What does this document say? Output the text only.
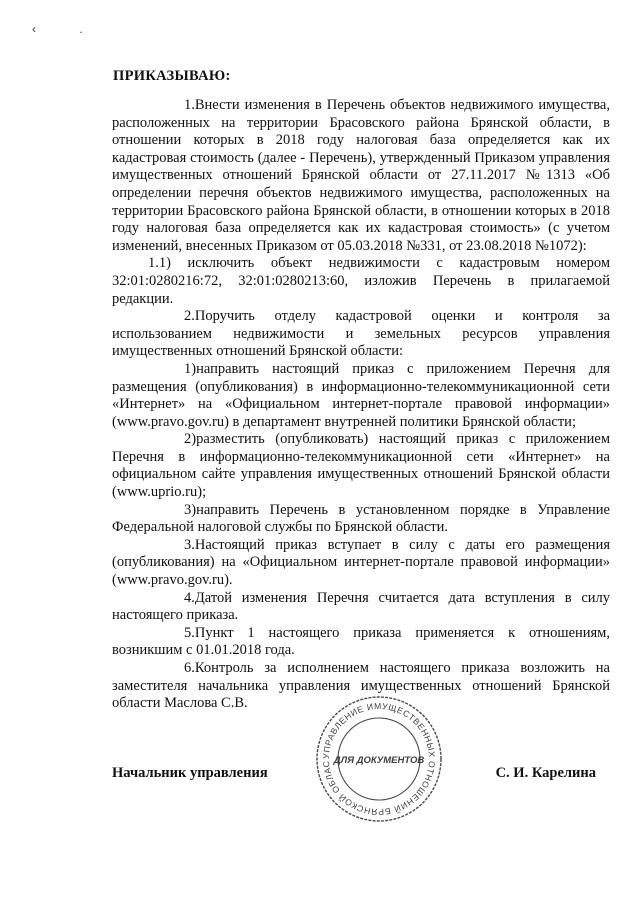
‹ .
ПРИКАЗЫВАЮ:

1.Внести изменения в Перечень объектов недвижимого имущества, расположенных на территории Брасовского района Брянской области, в отношении которых в 2018 году налоговая база определяется как их кадастровая стоимость (далее - Перечень), утвержденный Приказом управления имущественных отношений Брянской области от 27.11.2017 №1313 «Об определении перечня объектов недвижимого имущества, расположенных на территории Брасовского района Брянской области, в отношении которых в 2018 году налоговая база определяется как их кадастровая стоимость» (с учетом изменений, внесенных Приказом от 05.03.2018 №331, от 23.08.2018 №1072):

1.1) исключить объект недвижимости с кадастровым номером 32:01:0280216:72, 32:01:0280213:60, изложив Перечень в прилагаемой редакции.

2.Поручить отделу кадастровой оценки и контроля за использованием недвижимости и земельных ресурсов управления имущественных отношений Брянской области:

1)направить настоящий приказ с приложением Перечня для размещения (опубликования) в информационно-телекоммуникационной сети «Интернет» на «Официальном интернет-портале правовой информации» (www.pravo.gov.ru) в департамент внутренней политики Брянской области;

2)разместить (опубликовать) настоящий приказ с приложением Перечня в информационно-телекоммуникационной сети «Интернет» на официальном сайте управления имущественных отношений Брянской области (www.uprio.ru);

3)направить Перечень в установленном порядке в Управление Федеральной налоговой службы по Брянской области.

3.Настоящий приказ вступает в силу с даты его размещения (опубликования) на «Официальном интернет-портале правовой информации» (www.pravo.gov.ru).

4.Датой изменения Перечня считается дата вступления в силу настоящего приказа.

5.Пункт 1 настоящего приказа применяется к отношениям, возникшим с 01.01.2018 года.

6.Контроль за исполнением настоящего приказа возложить на заместителя начальника управления имущественных отношений Брянской области Маслова С.В.

УПРАВЛЕНИЕ ИМУЩЕСТВЕННЫХ ОТНОШЕНИЙ БРЯНСКОЙ ОБЛАС ДЛЯ ДОКУМЕНТОВ
Начальник управления	С. И. Карелина
